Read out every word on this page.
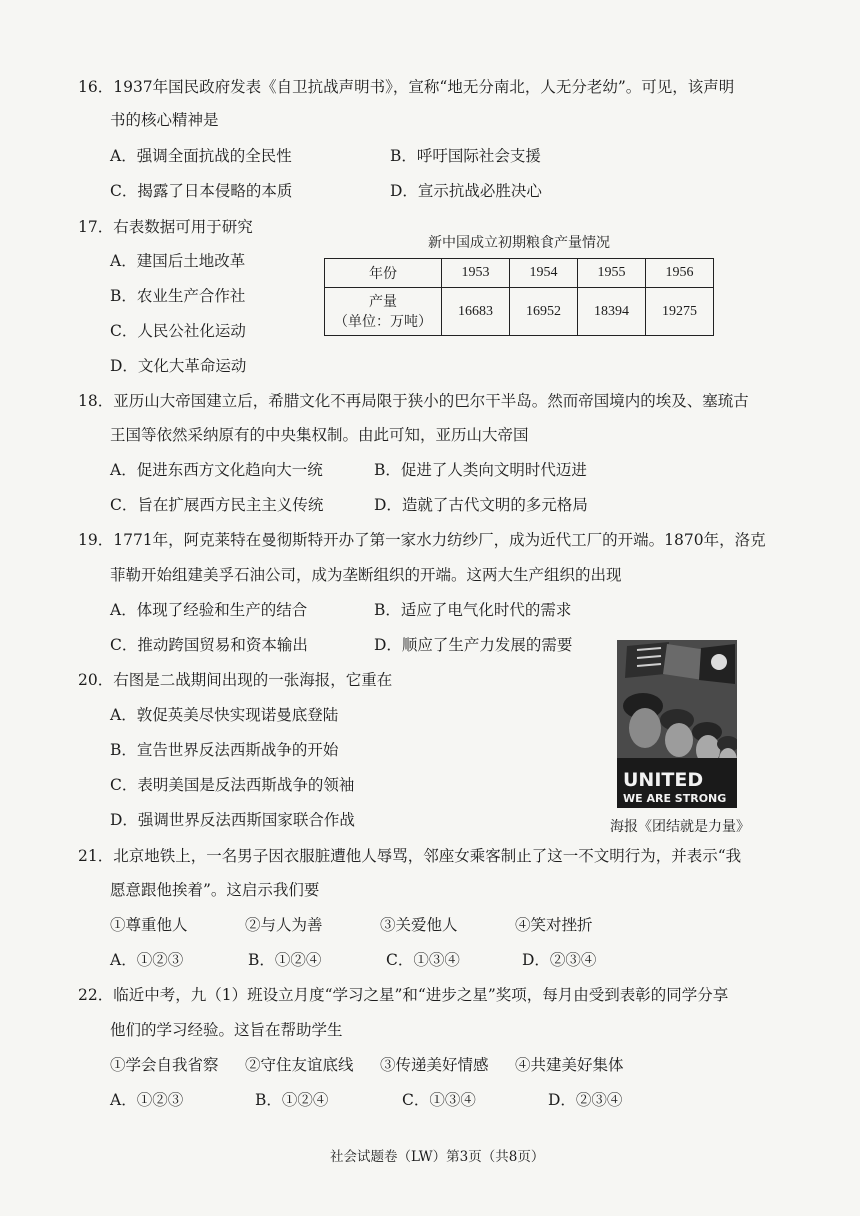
16．1937年国民政府发表《自卫抗战声明书》，宣称“地无分南北，人无分老幼”。可见，该声明
书的核心精神是
A．强调全面抗战的全民性	B．呼吁国际社会支援
C．揭露了日本侵略的本质	D．宣示抗战必胜决心
17．右表数据可用于研究
A．建国后土地改革
B．农业生产合作社
C．人民公社化运动
D．文化大革命运动
新中国成立初期粮食产量情况
年份	1953	1954	1955	1956

产量
（单位：万吨）	16683	16952	18394	19275
18．亚历山大帝国建立后，希腊文化不再局限于狭小的巴尔干半岛。然而帝国境内的埃及、塞琉古
王国等依然采纳原有的中央集权制。由此可知，亚历山大帝国
A．促进东西方文化趋向大一统	B．促进了人类向文明时代迈进
C．旨在扩展西方民主主义传统	D．造就了古代文明的多元格局
19．1771年，阿克莱特在曼彻斯特开办了第一家水力纺纱厂，成为近代工厂的开端。1870年，洛克
菲勒开始组建美孚石油公司，成为垄断组织的开端。这两大生产组织的出现
A．体现了经验和生产的结合	B．适应了电气化时代的需求
C．推动跨国贸易和资本输出	D．顺应了生产力发展的需要
20．右图是二战期间出现的一张海报，它重在
A．敦促英美尽快实现诺曼底登陆
B．宣告世界反法西斯战争的开始
C．表明美国是反法西斯战争的领袖
D．强调世界反法西斯国家联合作战
UNITED
WE ARE STRONG
海报《团结就是力量》
21．北京地铁上，一名男子因衣服脏遭他人辱骂，邻座女乘客制止了这一不文明行为，并表示“我
愿意跟他挨着”。这启示我们要
①尊重他人	②与人为善	③关爱他人	④笑对挫折
A．①②③	B．①②④	C．①③④	D．②③④
22．临近中考，九（1）班设立月度“学习之星”和“进步之星”奖项，每月由受到表彰的同学分享
他们的学习经验。这旨在帮助学生
①学会自我省察 ②守住友谊底线 ③传递美好情感 ④共建美好集体
A．①②③	B．①②④	C．①③④	D．②③④
社会试题卷（LW）第3页（共8页）
